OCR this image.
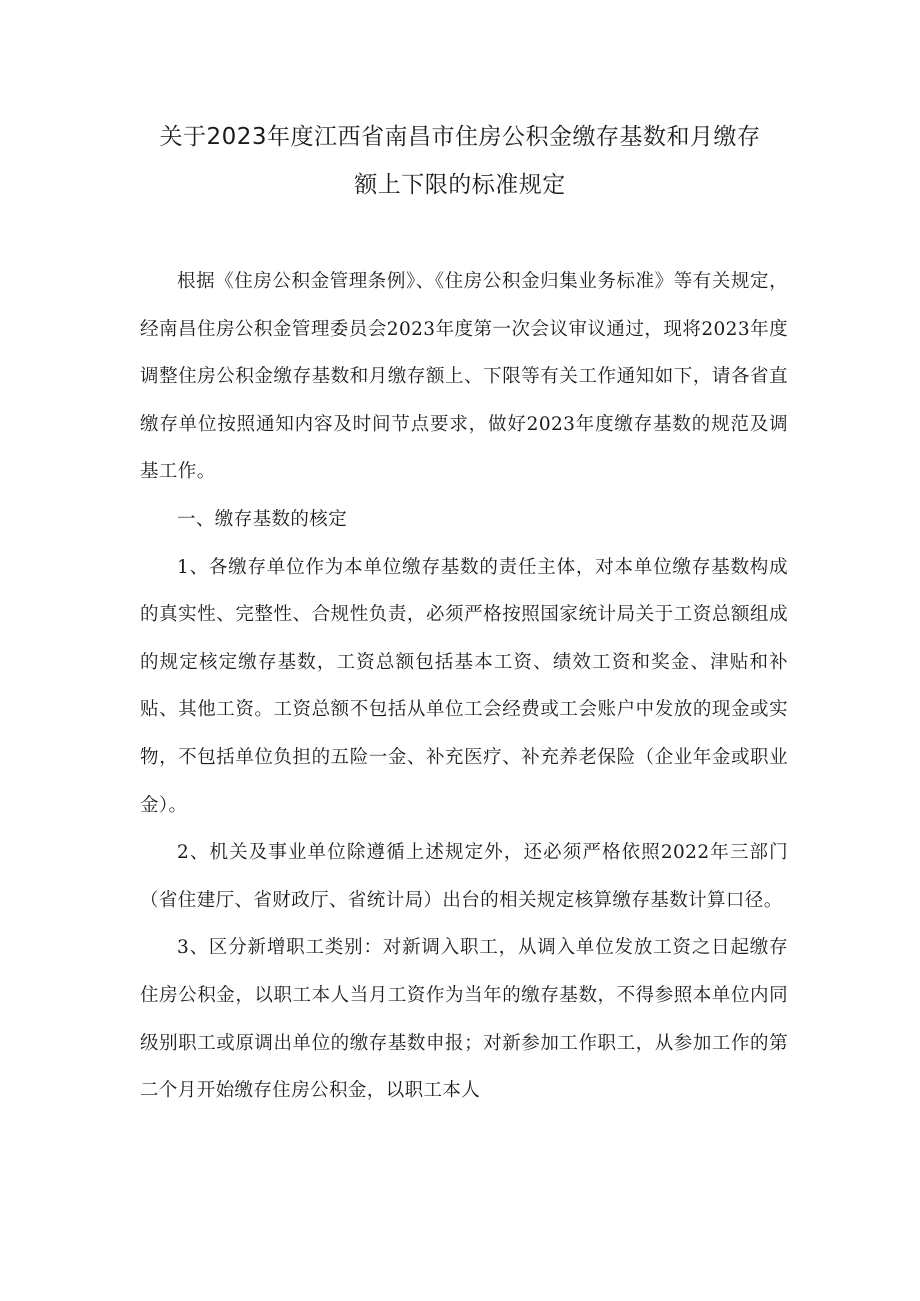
关于2023年度江西省南昌市住房公积金缴存基数和月缴存
额上下限的标准规定

根据《住房公积金管理条例》、《住房公积金归集业务标准》等有关规定，经南昌住房公积金管理委员会2023年度第一次会议审议通过，现将2023年度调整住房公积金缴存基数和月缴存额上、下限等有关工作通知如下，请各省直缴存单位按照通知内容及时间节点要求，做好2023年度缴存基数的规范及调基工作。

一、缴存基数的核定

1、各缴存单位作为本单位缴存基数的责任主体，对本单位缴存基数构成的真实性、完整性、合规性负责，必须严格按照国家统计局关于工资总额组成的规定核定缴存基数，工资总额包括基本工资、绩效工资和奖金、津贴和补贴、其他工资。工资总额不包括从单位工会经费或工会账户中发放的现金或实物，不包括单位负担的五险一金、补充医疗、补充养老保险（企业年金或职业金）。

2、机关及事业单位除遵循上述规定外，还必须严格依照2022年三部门（省住建厅、省财政厅、省统计局）出台的相关规定核算缴存基数计算口径。

3、区分新增职工类别：对新调入职工，从调入单位发放工资之日起缴存住房公积金，以职工本人当月工资作为当年的缴存基数，不得参照本单位内同级别职工或原调出单位的缴存基数申报；对新参加工作职工，从参加工作的第二个月开始缴存住房公积金，以职工本人
